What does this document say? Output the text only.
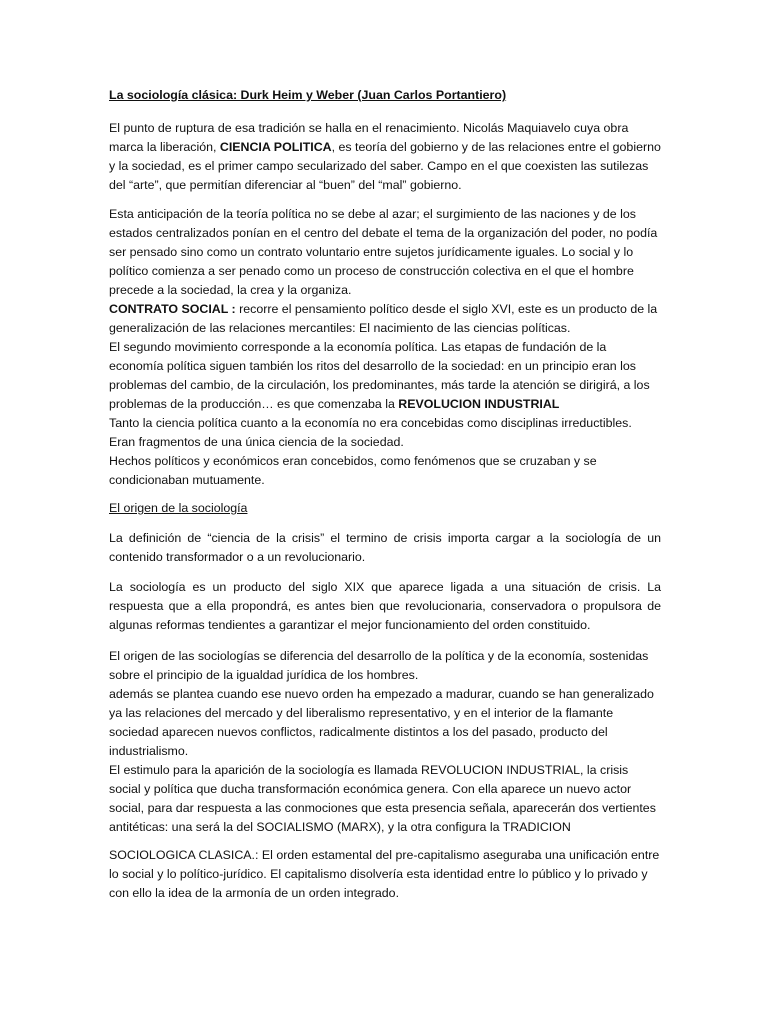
La sociología clásica: Durk Heim y Weber (Juan Carlos Portantiero)
El punto de ruptura de esa tradición se halla en el renacimiento. Nicolás Maquiavelo cuya obra marca la liberación, CIENCIA POLITICA, es teoría del gobierno y de las relaciones entre el gobierno y la sociedad, es el primer campo secularizado del saber. Campo en el que coexisten las sutilezas del “arte”, que permitían diferenciar al “buen” del “mal” gobierno.

Esta anticipación de la teoría política no se debe al azar; el surgimiento de las naciones y de los estados centralizados ponían en el centro del debate el tema de la organización del poder, no podía ser pensado sino como un contrato voluntario entre sujetos jurídicamente iguales. Lo social y lo político comienza a ser penado como un proceso de construcción colectiva en el que el hombre precede a la sociedad, la crea y la organiza.

CONTRATO SOCIAL : recorre el pensamiento político desde el siglo XVI, este es un producto de la generalización de las relaciones mercantiles: El nacimiento de las ciencias políticas.

El segundo movimiento corresponde a la economía política. Las etapas de fundación de la economía política siguen también los ritos del desarrollo de la sociedad: en un principio eran los problemas del cambio, de la circulación, los predominantes, más tarde la atención se dirigirá, a los problemas de la producción… es que comenzaba la REVOLUCION INDUSTRIAL

Tanto la ciencia política cuanto a la economía no era concebidas como disciplinas irreductibles. Eran fragmentos de una única ciencia de la sociedad.

Hechos políticos y económicos eran concebidos, como fenómenos que se cruzaban y se condicionaban mutuamente.

El origen de la sociología
La definición de “ciencia de la crisis” el termino de crisis importa cargar a la sociología de un contenido transformador o a un revolucionario.
La sociología es un producto del siglo XIX que aparece ligada a una situación de crisis. La respuesta que a ella propondrá, es antes bien que revolucionaria, conservadora o propulsora de algunas reformas tendientes a garantizar el mejor funcionamiento del orden constituido.

El origen de las sociologías se diferencia del desarrollo de la política y de la economía, sostenidas sobre el principio de la igualdad jurídica de los hombres.

además se plantea cuando ese nuevo orden ha empezado a madurar, cuando se han generalizado ya las relaciones del mercado y del liberalismo representativo, y en el interior de la flamante sociedad aparecen nuevos conflictos, radicalmente distintos a los del pasado, producto del industrialismo.

El estimulo para la aparición de la sociología es llamada REVOLUCION INDUSTRIAL, la crisis social y política que ducha transformación económica genera. Con ella aparece un nuevo actor social, para dar respuesta a las conmociones que esta presencia señala, aparecerán dos vertientes antitéticas: una será la del SOCIALISMO (MARX), y la otra configura la TRADICION

SOCIOLOGICA CLASICA.: El orden estamental del pre-capitalismo aseguraba una unificación entre lo social y lo político-jurídico. El capitalismo disolvería esta identidad entre lo público y lo privado y con ello la idea de la armonía de un orden integrado.
